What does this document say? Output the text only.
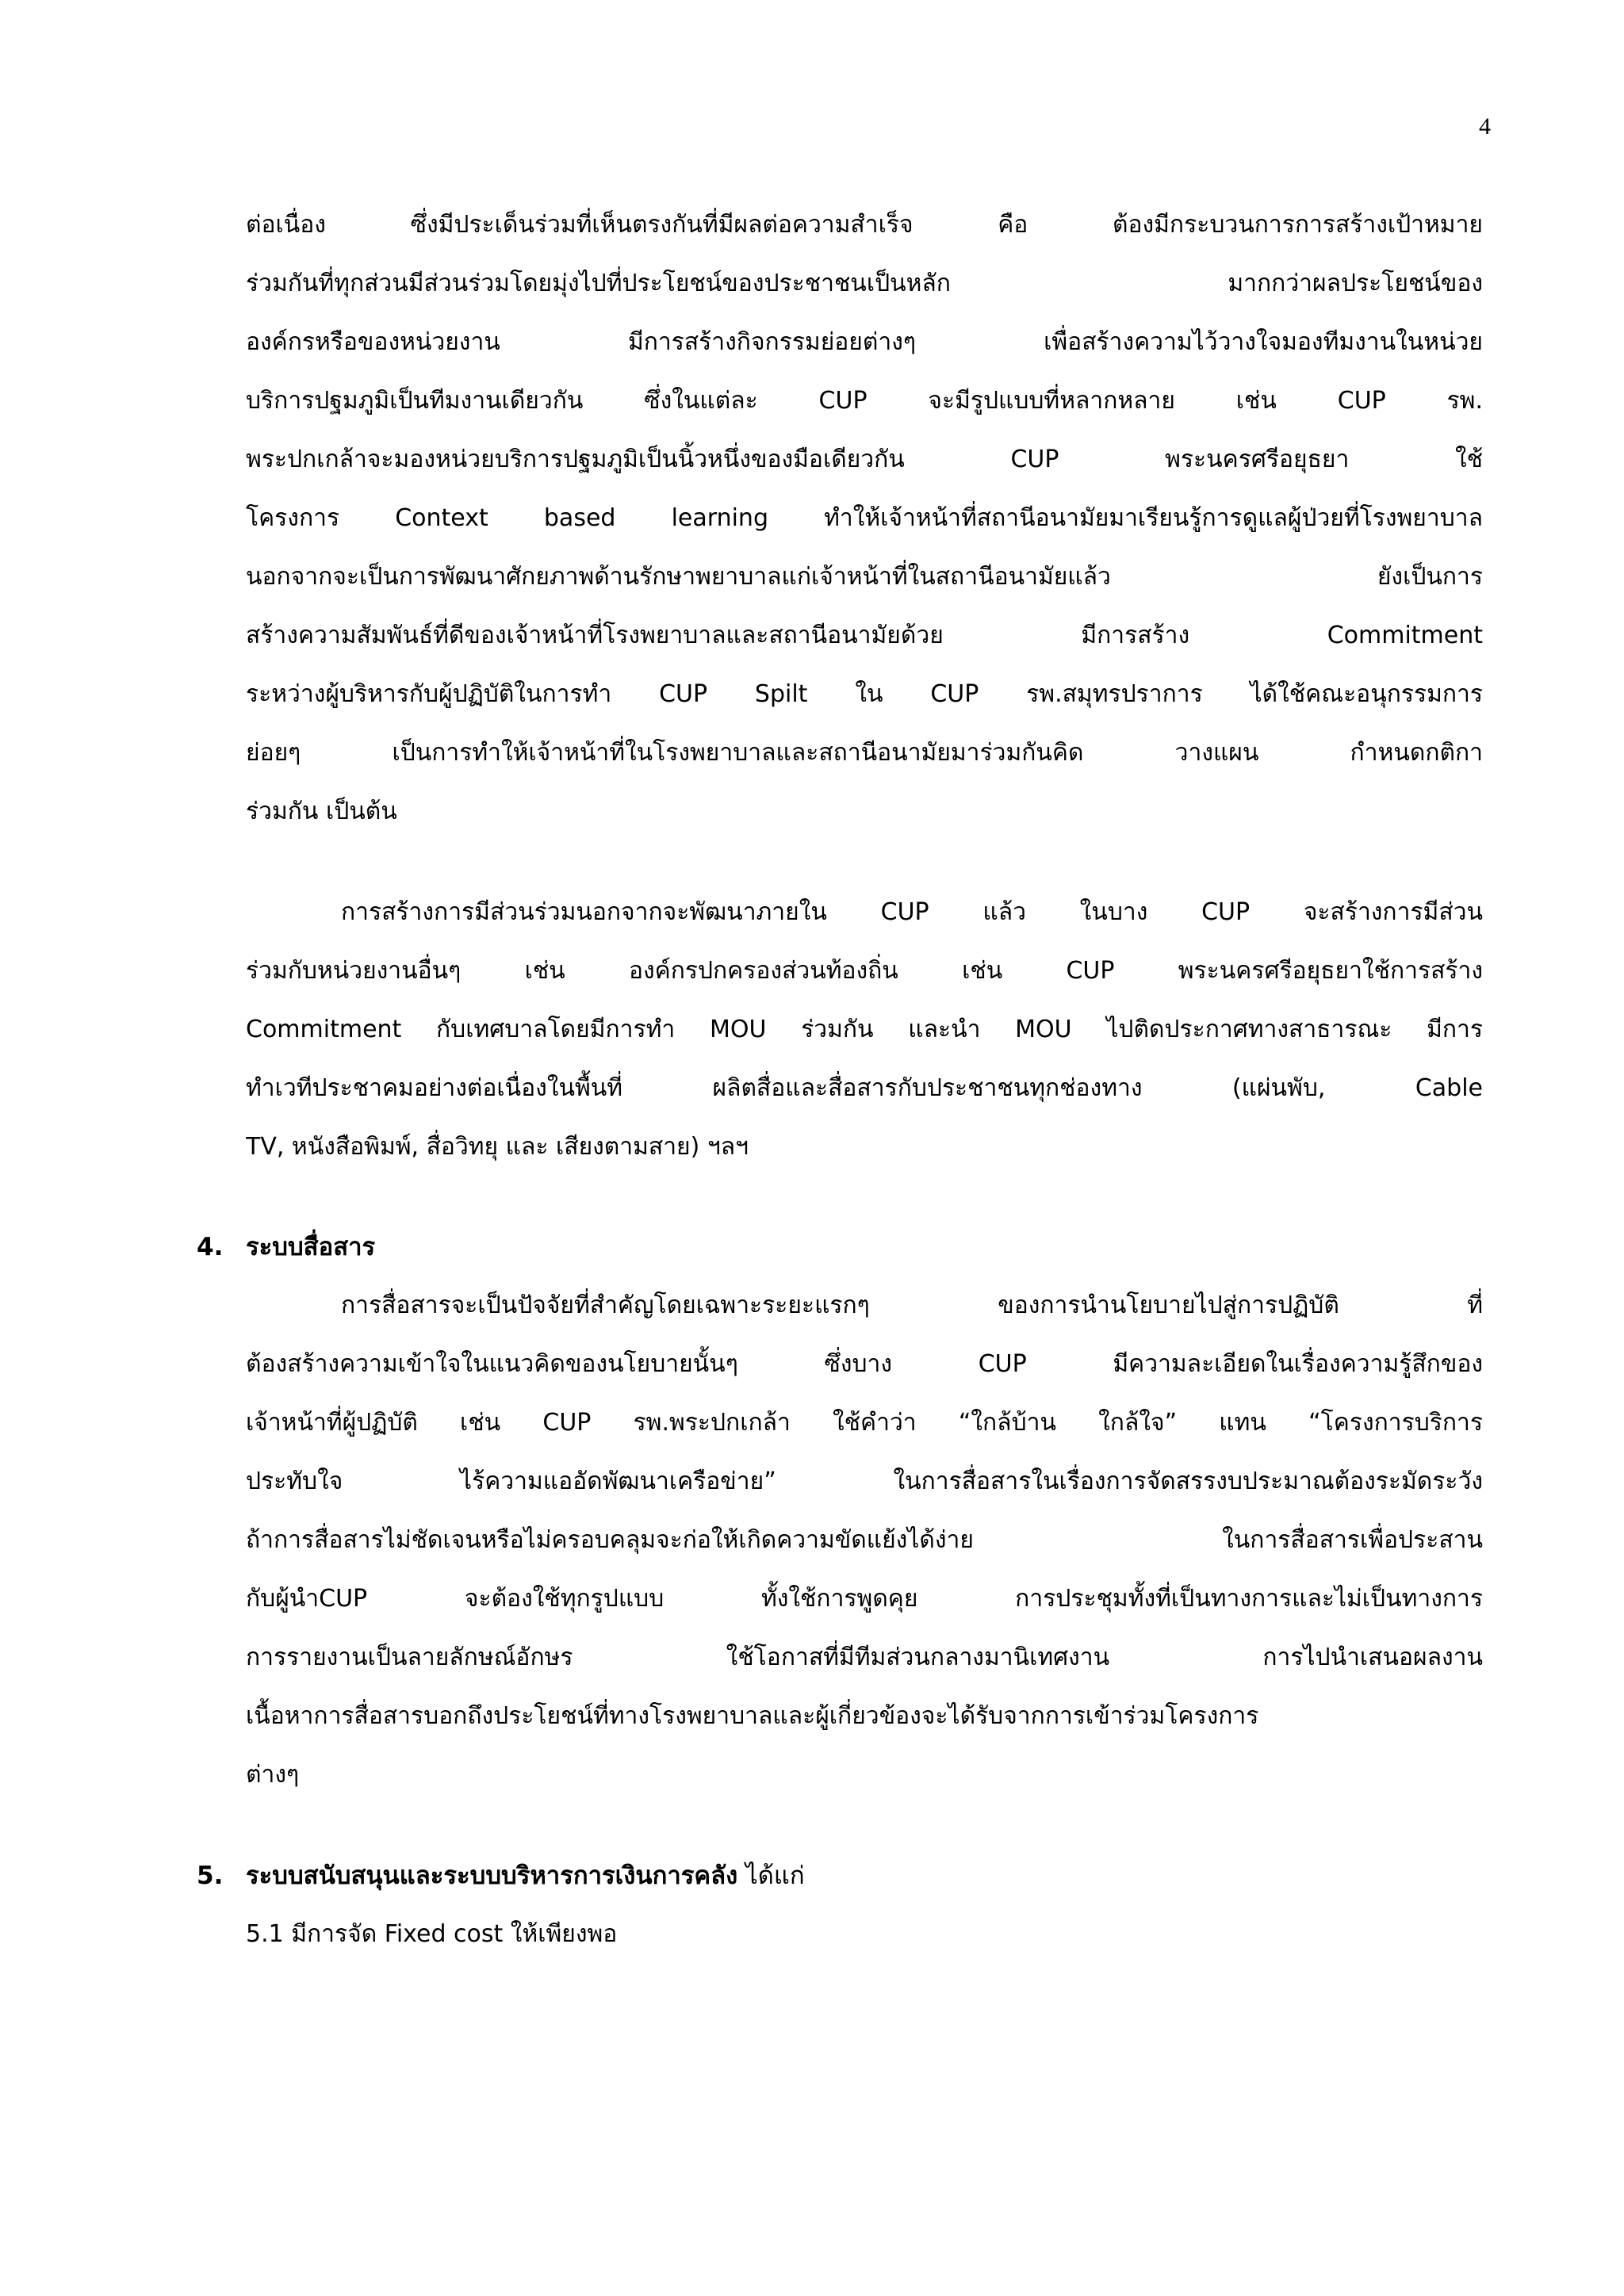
4
ต่อเนื่อง ซึ่งมีประเด็นร่วมที่เห็นตรงกันที่มีผลต่อความสำเร็จ คือ ต้องมีกระบวนการการสร้างเป้าหมาย
ร่วมกันที่ทุกส่วนมีส่วนร่วมโดยมุ่งไปที่ประโยชน์ของประชาชนเป็นหลัก มากกว่าผลประโยชน์ของ
องค์กรหรือของหน่วยงาน มีการสร้างกิจกรรมย่อยต่างๆ เพื่อสร้างความไว้วางใจมองทีมงานในหน่วย
บริการปฐมภูมิเป็นทีมงานเดียวกัน ซึ่งในแต่ละ CUP จะมีรูปแบบที่หลากหลาย เช่น CUP รพ.
พระปกเกล้าจะมองหน่วยบริการปฐมภูมิเป็นนิ้วหนึ่งของมือเดียวกัน CUP พระนครศรีอยุธยา ใช้
โครงการ Context based learning ทำให้เจ้าหน้าที่สถานีอนามัยมาเรียนรู้การดูแลผู้ป่วยที่โรงพยาบาล
นอกจากจะเป็นการพัฒนาศักยภาพด้านรักษาพยาบาลแก่เจ้าหน้าที่ในสถานีอนามัยแล้ว ยังเป็นการ
สร้างความสัมพันธ์ที่ดีของเจ้าหน้าที่โรงพยาบาลและสถานีอนามัยด้วย มีการสร้าง Commitment
ระหว่างผู้บริหารกับผู้ปฏิบัติในการทำ CUP Spilt ใน CUP รพ.สมุทรปราการ ได้ใช้คณะอนุกรรมการ
ย่อยๆ เป็นการทำให้เจ้าหน้าที่ในโรงพยาบาลและสถานีอนามัยมาร่วมกันคิด วางแผน กำหนดกติกา
ร่วมกัน เป็นต้น
การสร้างการมีส่วนร่วมนอกจากจะพัฒนาภายใน CUP แล้ว ในบาง CUP จะสร้างการมีส่วน
ร่วมกับหน่วยงานอื่นๆ เช่น องค์กรปกครองส่วนท้องถิ่น เช่น CUP พระนครศรีอยุธยาใช้การสร้าง
Commitment กับเทศบาลโดยมีการทำ MOU ร่วมกัน และนำ MOU ไปติดประกาศทางสาธารณะ มีการ
ทำเวทีประชาคมอย่างต่อเนื่องในพื้นที่ ผลิตสื่อและสื่อสารกับประชาชนทุกช่องทาง (แผ่นพับ, Cable
TV, หนังสือพิมพ์, สื่อวิทยุ และ เสียงตามสาย) ฯลฯ
4. ระบบสื่อสาร
การสื่อสารจะเป็นปัจจัยที่สำคัญโดยเฉพาะระยะแรกๆ ของการนำนโยบายไปสู่การปฏิบัติ ที่
ต้องสร้างความเข้าใจในแนวคิดของนโยบายนั้นๆ ซึ่งบาง CUP มีความละเอียดในเรื่องความรู้สึกของ
เจ้าหน้าที่ผู้ปฏิบัติ เช่น CUP รพ.พระปกเกล้า ใช้คำว่า “ใกล้บ้าน ใกล้ใจ” แทน “โครงการบริการ
ประทับใจ ไร้ความแออัดพัฒนาเครือข่าย” ในการสื่อสารในเรื่องการจัดสรรงบประมาณต้องระมัดระวัง
ถ้าการสื่อสารไม่ชัดเจนหรือไม่ครอบคลุมจะก่อให้เกิดความขัดแย้งได้ง่าย ในการสื่อสารเพื่อประสาน
กับผู้นำCUP จะต้องใช้ทุกรูปแบบ ทั้งใช้การพูดคุย การประชุมทั้งที่เป็นทางการและไม่เป็นทางการ
การรายงานเป็นลายลักษณ์อักษร ใช้โอกาสที่มีทีมส่วนกลางมานิเทศงาน การไปนำเสนอผลงาน
เนื้อหาการสื่อสารบอกถึงประโยชน์ที่ทางโรงพยาบาลและผู้เกี่ยวข้องจะได้รับจากการเข้าร่วมโครงการ
ต่างๆ
5. ระบบสนับสนุนและระบบบริหารการเงินการคลัง ได้แก่
5.1 มีการจัด Fixed cost ให้เพียงพอ
